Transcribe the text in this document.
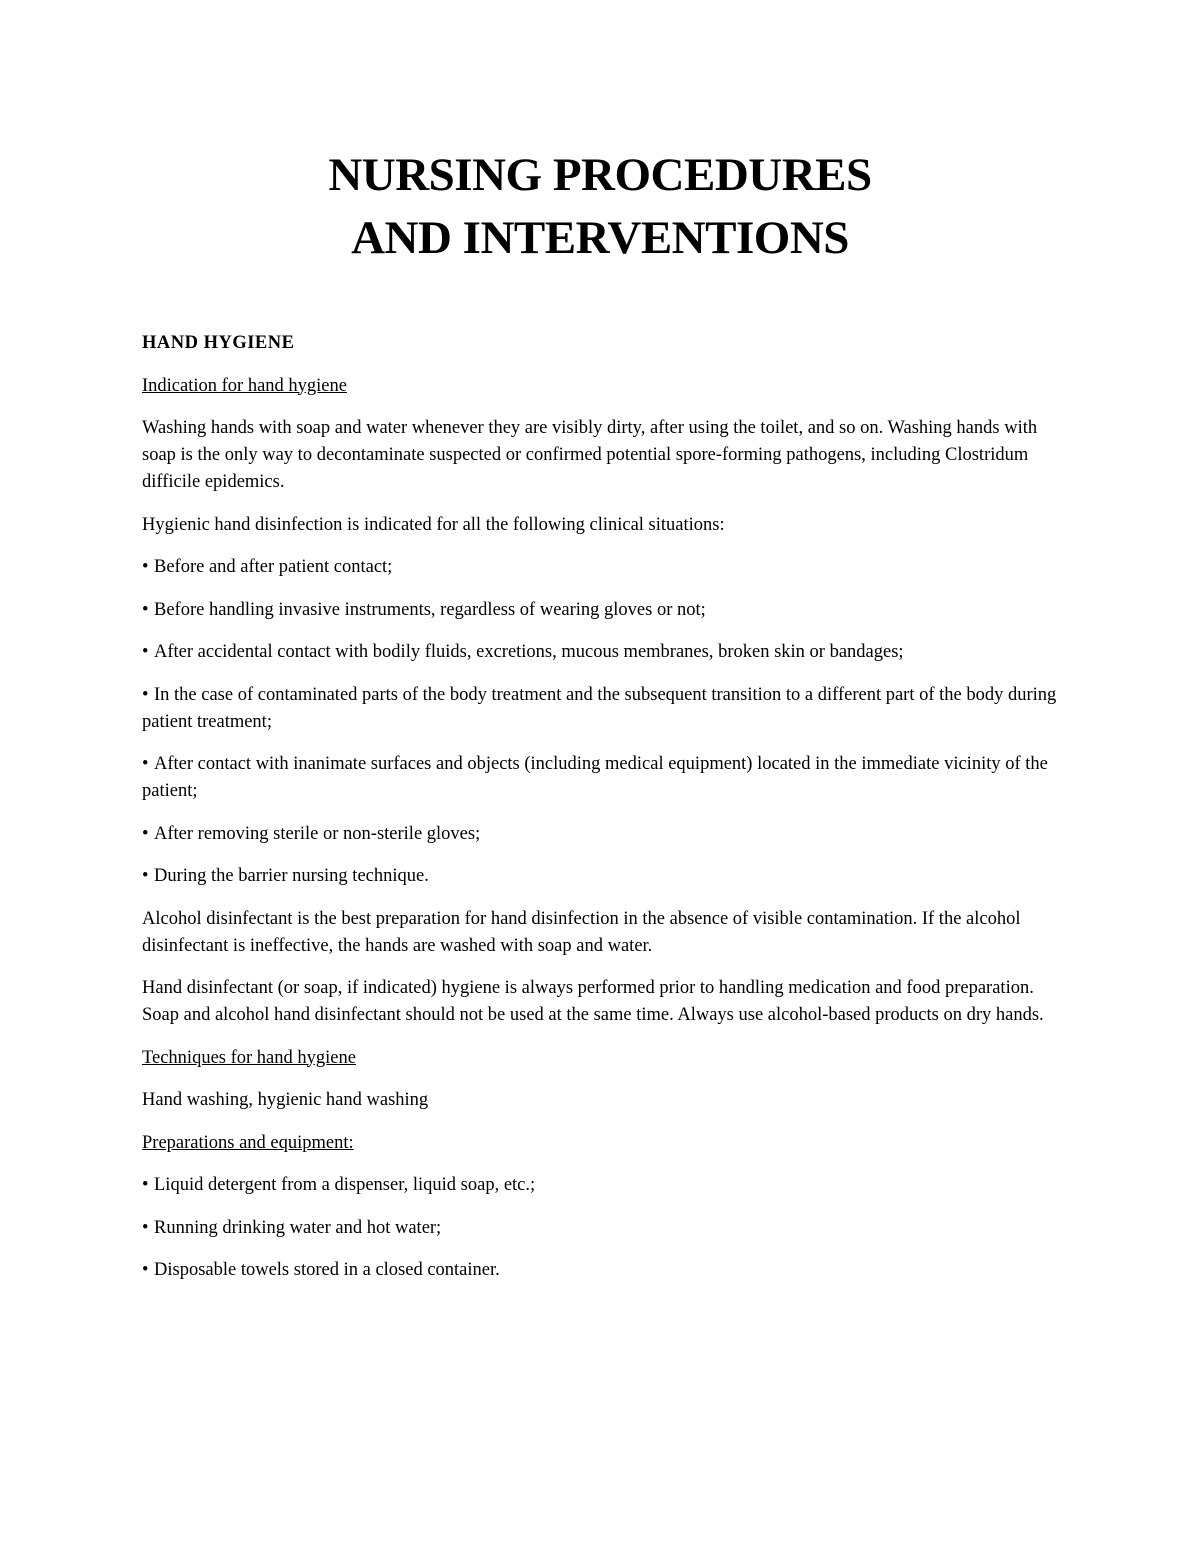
NURSING PROCEDURES
AND INTERVENTIONS

HAND HYGIENE

Indication for hand hygiene

Washing hands with soap and water whenever they are visibly dirty, after using the toilet, and so on. Washing hands with soap is the only way to decontaminate suspected or confirmed potential spore-forming pathogens, including Clostridum difficile epidemics.

Hygienic hand disinfection is indicated for all the following clinical situations:

• Before and after patient contact;

• Before handling invasive instruments, regardless of wearing gloves or not;

• After accidental contact with bodily fluids, excretions, mucous membranes, broken skin or bandages;

• In the case of contaminated parts of the body treatment and the subsequent transition to a different part of the body during patient treatment;

• After contact with inanimate surfaces and objects (including medical equipment) located in the immediate vicinity of the patient;

• After removing sterile or non-sterile gloves;

• During the barrier nursing technique.

Alcohol disinfectant is the best preparation for hand disinfection in the absence of visible contamination. If the alcohol disinfectant is ineffective, the hands are washed with soap and water.

Hand disinfectant (or soap, if indicated) hygiene is always performed prior to handling medication and food preparation. Soap and alcohol hand disinfectant should not be used at the same time. Always use alcohol-based products on dry hands.

Techniques for hand hygiene

Hand washing, hygienic hand washing

Preparations and equipment:

• Liquid detergent from a dispenser, liquid soap, etc.;

• Running drinking water and hot water;

• Disposable towels stored in a closed container.
